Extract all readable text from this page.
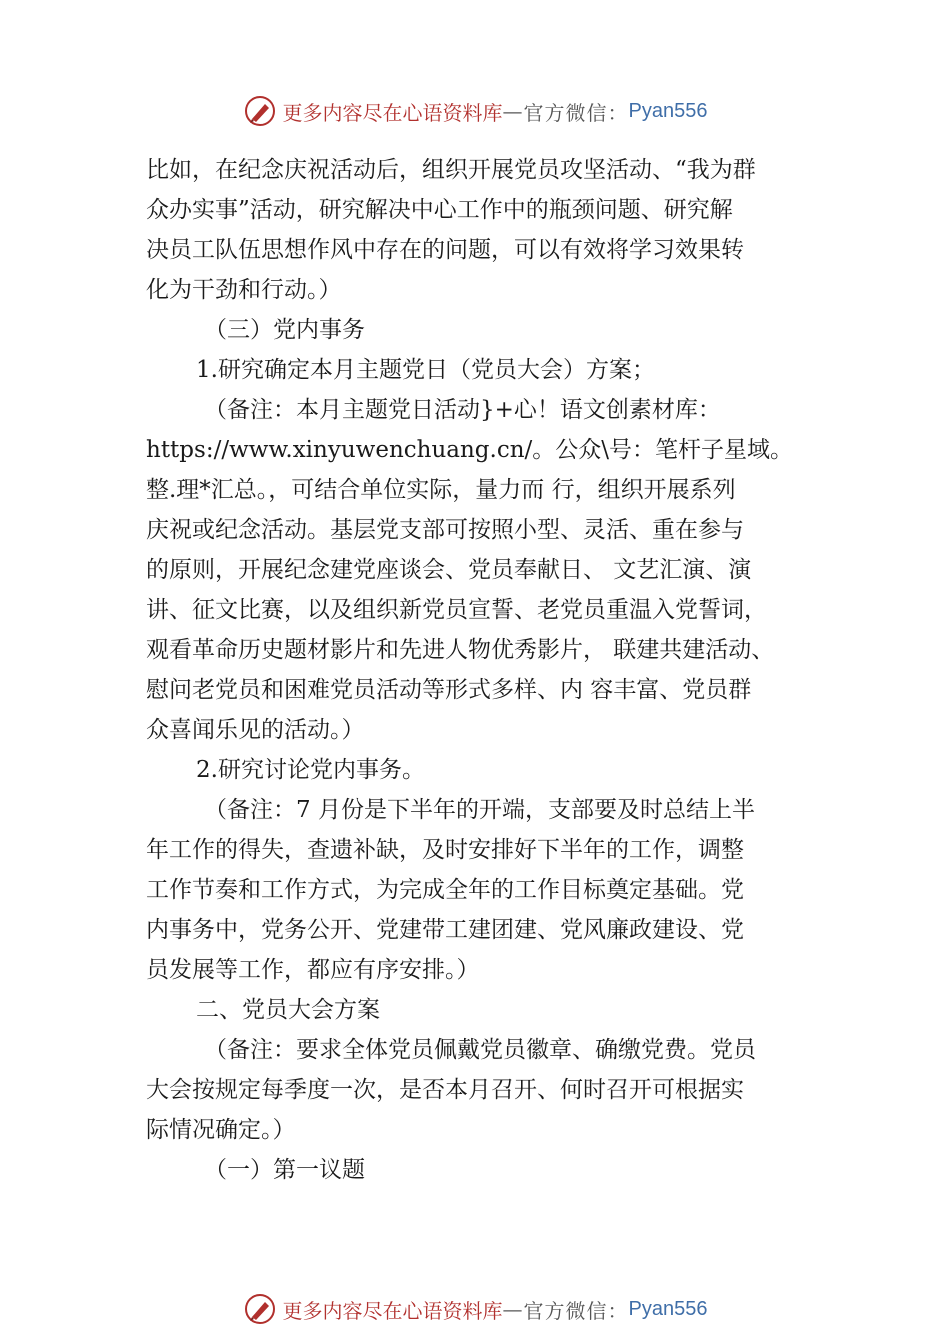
更多内容尽在心语资料库 — 官方微信： Pyan556
比如，在纪念庆祝活动后，组织开展党员攻坚活动、“我为群
众办实事”活动，研究解决中心工作中的瓶颈问题、研究解
决员工队伍思想作风中存在的问题，可以有效将学习效果转
化为干劲和行动。）
（三）党内事务
1.研究确定本月主题党日（党员大会）方案；
（备注：本月主题党日活动}+心！语文创素材库：
https://www.xinyuwenchuang.cn/。公众\号：笔杆子星域。
整.理*汇总。，可结合单位实际，量力而 行，组织开展系列
庆祝或纪念活动。基层党支部可按照小型、灵活、重在参与
的原则，开展纪念建党座谈会、党员奉献日、 文艺汇演、演
讲、征文比赛，以及组织新党员宣誓、老党员重温入党誓词，
观看革命历史题材影片和先进人物优秀影片， 联建共建活动、
慰问老党员和困难党员活动等形式多样、内 容丰富、党员群
众喜闻乐见的活动。）
2.研究讨论党内事务。
（备注：7 月份是下半年的开端，支部要及时总结上半
年工作的得失，查遗补缺，及时安排好下半年的工作，调整
工作节奏和工作方式，为完成全年的工作目标奠定基础。党
内事务中，党务公开、党建带工建团建、党风廉政建设、党
员发展等工作，都应有序安排。）
二、党员大会方案
（备注：要求全体党员佩戴党员徽章、确缴党费。党员
大会按规定每季度一次，是否本月召开、何时召开可根据实
际情况确定。）
（一）第一议题
更多内容尽在心语资料库 — 官方微信： Pyan556
